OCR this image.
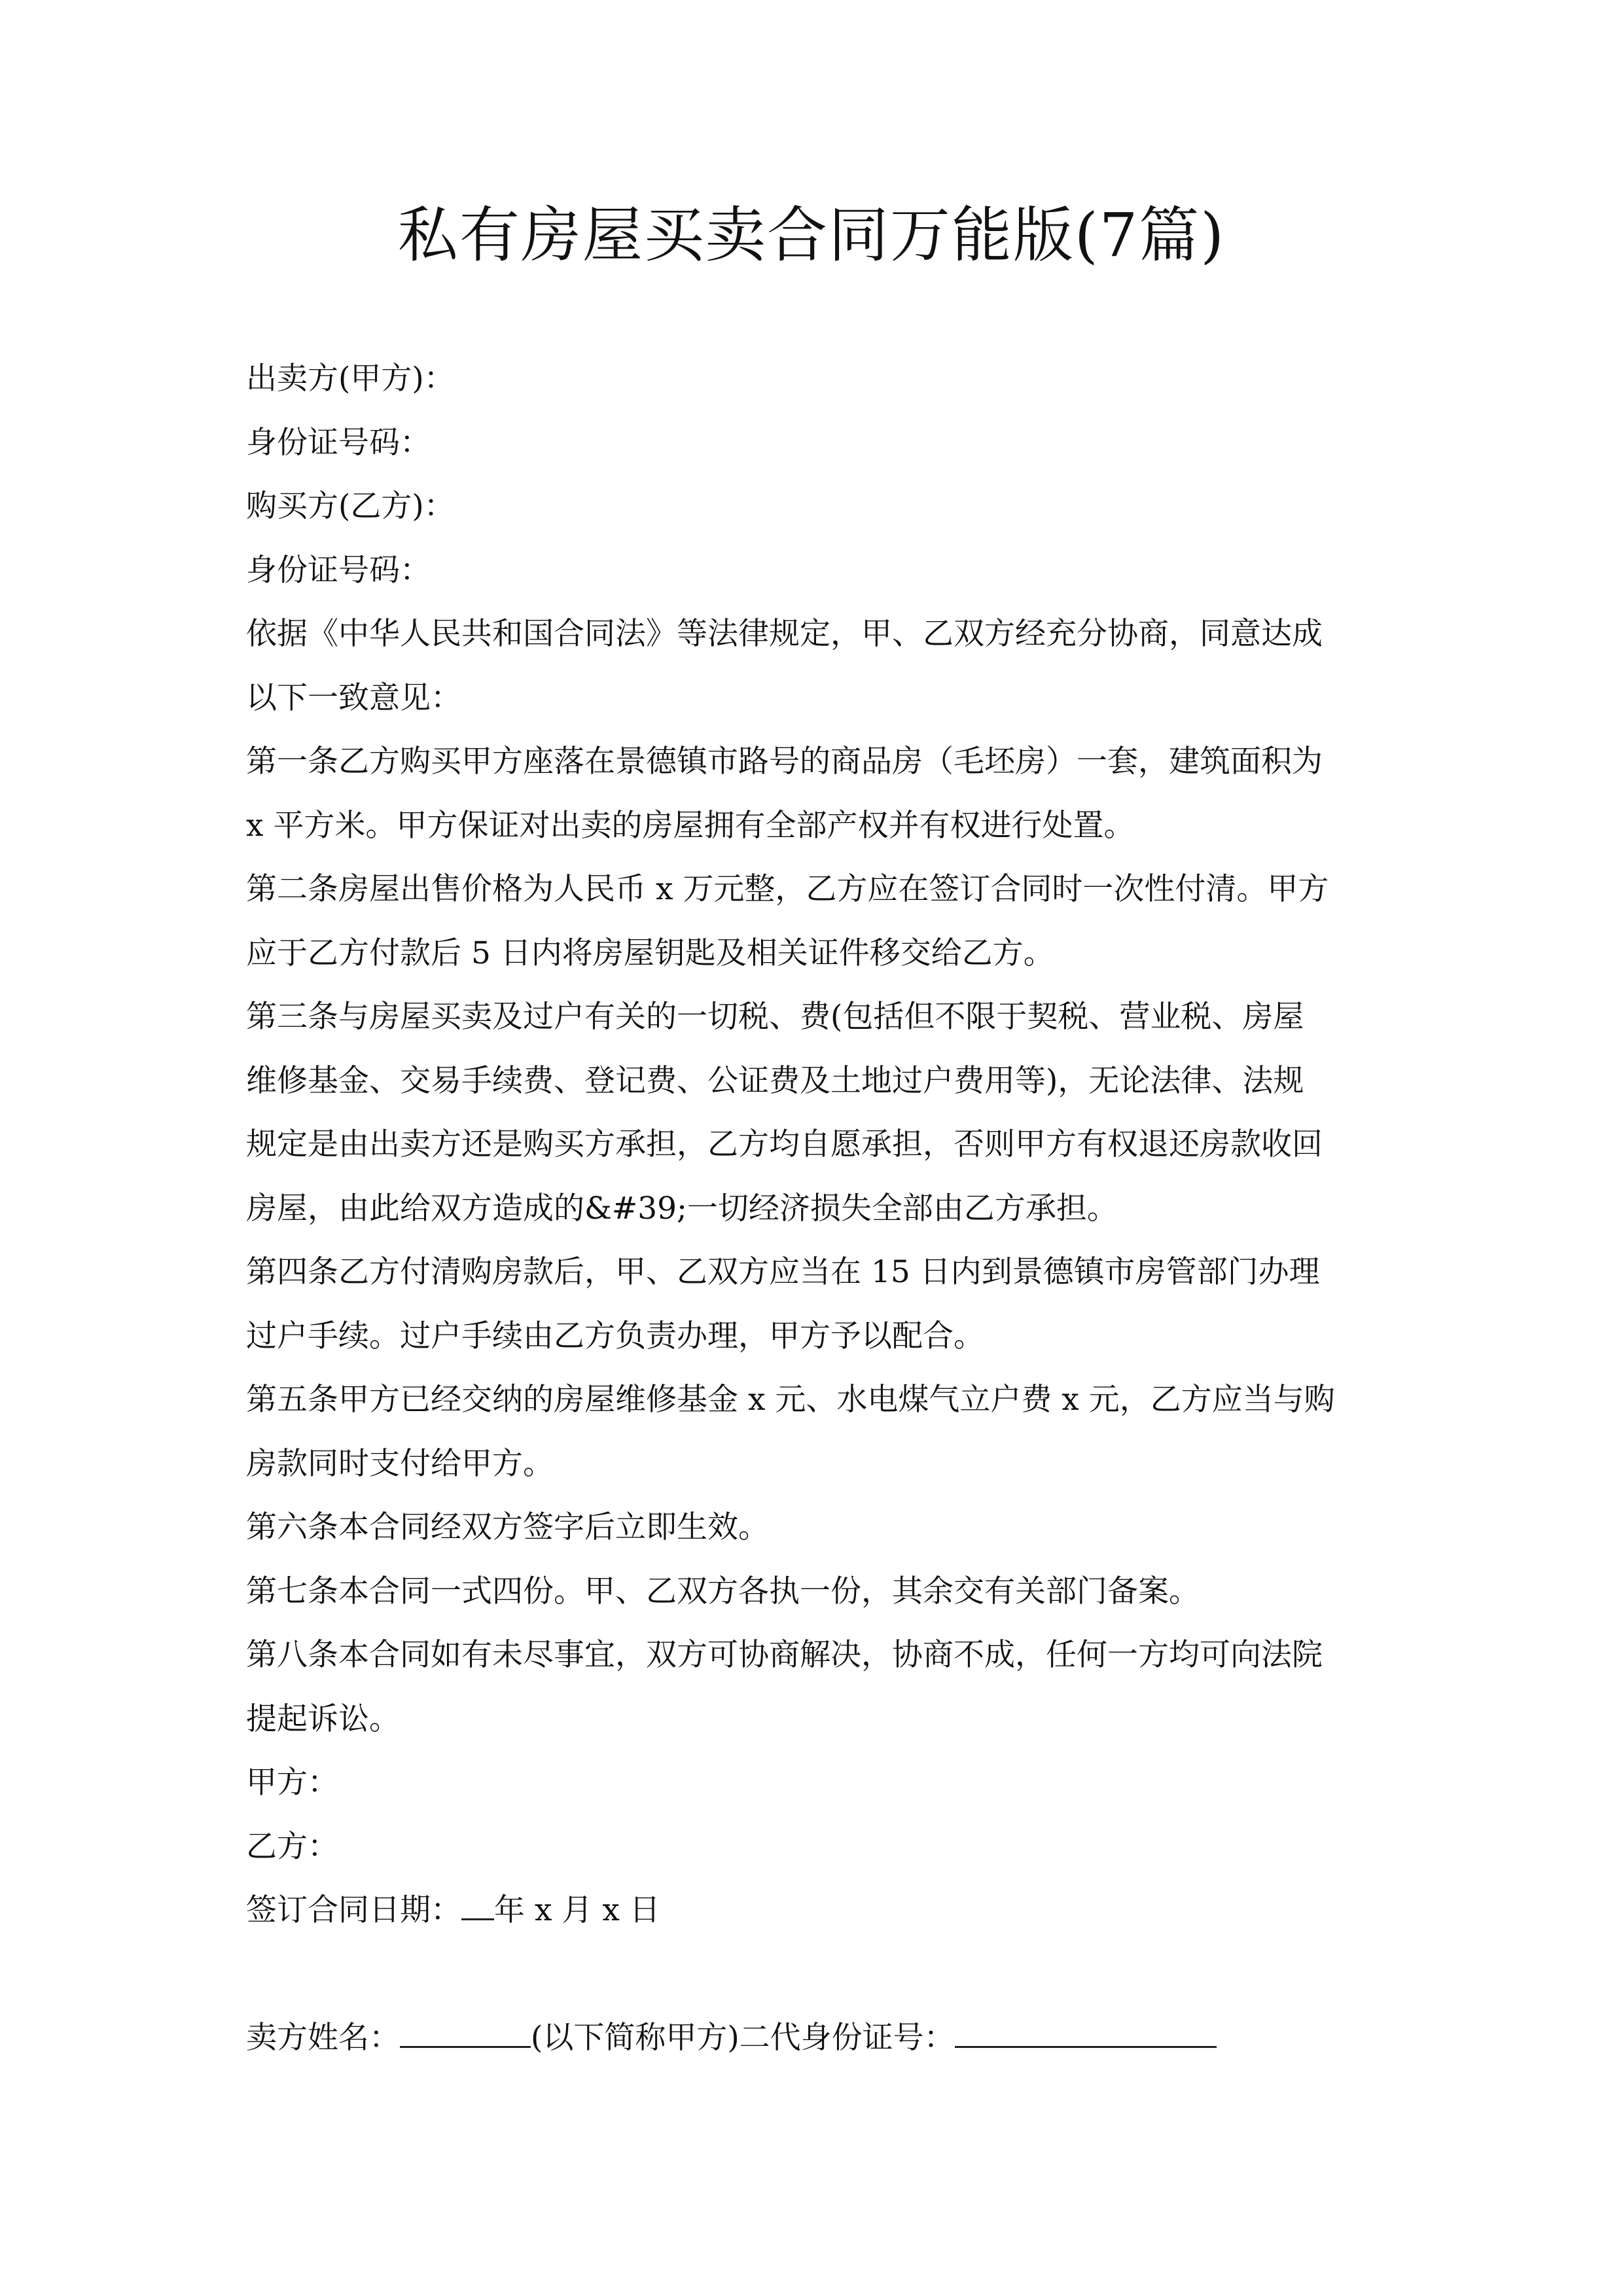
私有房屋买卖合同万能版(7篇)
出卖方(甲方)：
身份证号码：
购买方(乙方)：
身份证号码：
依据《中华人民共和国合同法》等法律规定，甲、乙双方经充分协商，同意达成
以下一致意见：
第一条乙方购买甲方座落在景德镇市路号的商品房（毛坯房）一套，建筑面积为
x 平方米。甲方保证对出卖的房屋拥有全部产权并有权进行处置。
第二条房屋出售价格为人民币 x 万元整，乙方应在签订合同时一次性付清。甲方
应于乙方付款后 5 日内将房屋钥匙及相关证件移交给乙方。
第三条与房屋买卖及过户有关的一切税、费(包括但不限于契税、营业税、房屋
维修基金、交易手续费、登记费、公证费及土地过户费用等)，无论法律、法规
规定是由出卖方还是购买方承担，乙方均自愿承担，否则甲方有权退还房款收回
房屋，由此给双方造成的&#39;一切经济损失全部由乙方承担。
第四条乙方付清购房款后，甲、乙双方应当在 15 日内到景德镇市房管部门办理
过户手续。过户手续由乙方负责办理，甲方予以配合。
第五条甲方已经交纳的房屋维修基金 x 元、水电煤气立户费 x 元，乙方应当与购
房款同时支付给甲方。
第六条本合同经双方签字后立即生效。
第七条本合同一式四份。甲、乙双方各执一份，其余交有关部门备案。
第八条本合同如有未尽事宜，双方可协商解决，协商不成，任何一方均可向法院
提起诉讼。
甲方：
乙方：
签订合同日期： 年 x 月 x 日
卖方姓名：	(以下简称甲方)二代身份证号：
